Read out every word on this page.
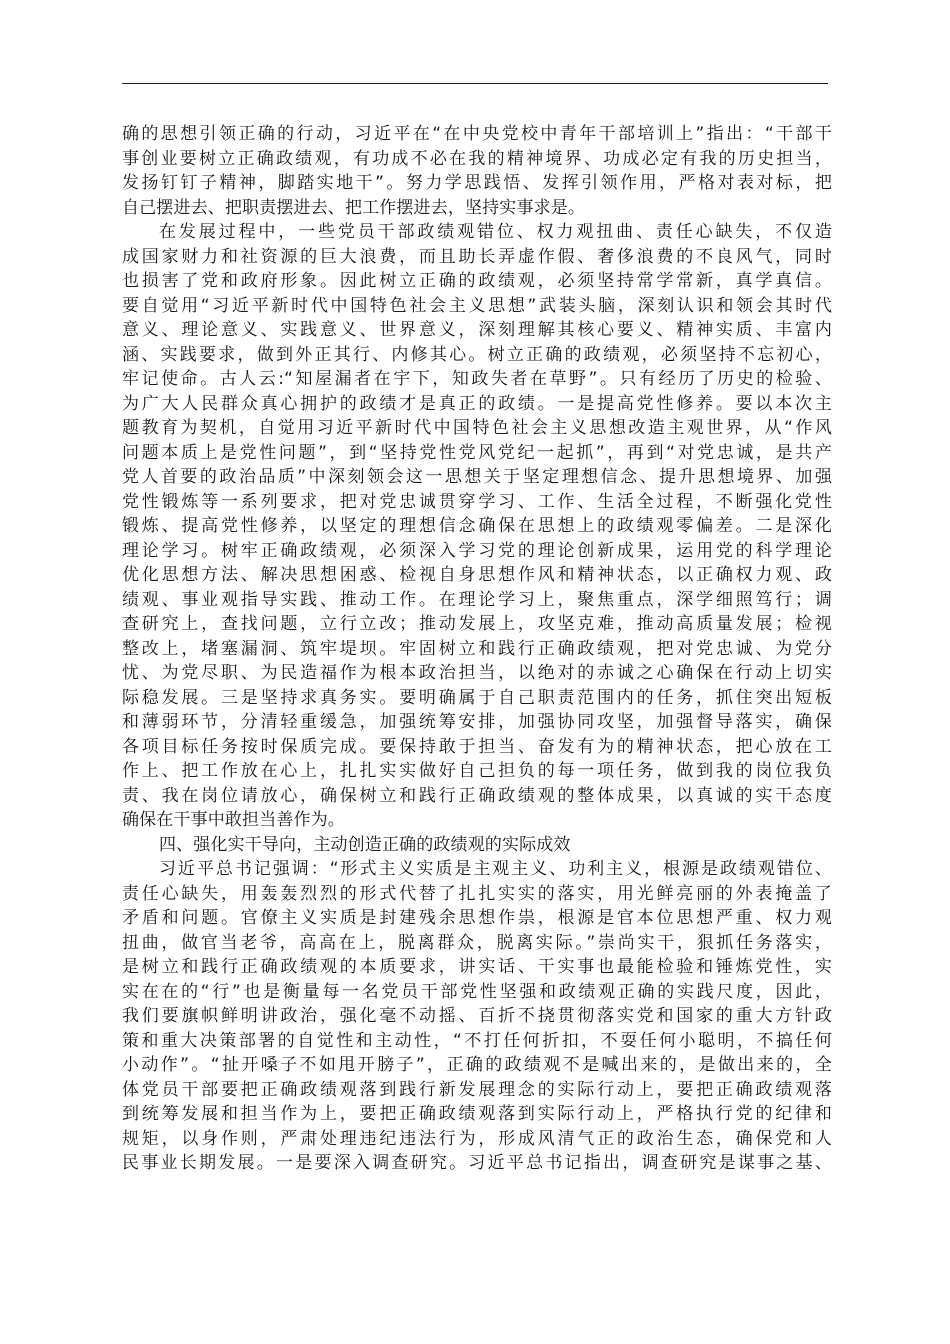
确的思想引领正确的行动，习近平在“在中央党校中青年干部培训上”指出：“干部干
事创业要树立正确政绩观，有功成不必在我的精神境界、功成必定有我的历史担当，
发扬钉钉子精神，脚踏实地干”。努力学思践悟、发挥引领作用，严格对表对标，把
自己摆进去、把职责摆进去、把工作摆进去，坚持实事求是。
在发展过程中，一些党员干部政绩观错位、权力观扭曲、责任心缺失，不仅造
成国家财力和社资源的巨大浪费，而且助长弄虚作假、奢侈浪费的不良风气，同时
也损害了党和政府形象。因此树立正确的政绩观，必须坚持常学常新，真学真信。
要自觉用“习近平新时代中国特色社会主义思想”武装头脑，深刻认识和领会其时代
意义、理论意义、实践意义、世界意义，深刻理解其核心要义、精神实质、丰富内
涵、实践要求，做到外正其行、内修其心。树立正确的政绩观，必须坚持不忘初心，
牢记使命。古人云:“知屋漏者在宇下，知政失者在草野”。只有经历了历史的检验、
为广大人民群众真心拥护的政绩才是真正的政绩。一是提高党性修养。要以本次主
题教育为契机，自觉用习近平新时代中国特色社会主义思想改造主观世界，从“作风
问题本质上是党性问题”，到“坚持党性党风党纪一起抓”，再到“对党忠诚，是共产
党人首要的政治品质”中深刻领会这一思想关于坚定理想信念、提升思想境界、加强
党性锻炼等一系列要求，把对党忠诚贯穿学习、工作、生活全过程，不断强化党性
锻炼、提高党性修养，以坚定的理想信念确保在思想上的政绩观零偏差。二是深化
理论学习。树牢正确政绩观，必须深入学习党的理论创新成果，运用党的科学理论
优化思想方法、解决思想困惑、检视自身思想作风和精神状态，以正确权力观、政
绩观、事业观指导实践、推动工作。在理论学习上，聚焦重点，深学细照笃行；调
查研究上，查找问题，立行立改；推动发展上，攻坚克难，推动高质量发展；检视
整改上，堵塞漏洞、筑牢堤坝。牢固树立和践行正确政绩观，把对党忠诚、为党分
忧、为党尽职、为民造福作为根本政治担当，以绝对的赤诚之心确保在行动上切实
际稳发展。三是坚持求真务实。要明确属于自己职责范围内的任务，抓住突出短板
和薄弱环节，分清轻重缓急，加强统筹安排，加强协同攻坚，加强督导落实，确保
各项目标任务按时保质完成。要保持敢于担当、奋发有为的精神状态，把心放在工
作上、把工作放在心上，扎扎实实做好自己担负的每一项任务，做到我的岗位我负
责、我在岗位请放心，确保树立和践行正确政绩观的整体成果，以真诚的实干态度
确保在干事中敢担当善作为。
四、强化实干导向，主动创造正确的政绩观的实际成效
习近平总书记强调：“形式主义实质是主观主义、功利主义，根源是政绩观错位、
责任心缺失，用轰轰烈烈的形式代替了扎扎实实的落实，用光鲜亮丽的外表掩盖了
矛盾和问题。官僚主义实质是封建残余思想作祟，根源是官本位思想严重、权力观
扭曲，做官当老爷，高高在上，脱离群众，脱离实际。”崇尚实干，狠抓任务落实，
是树立和践行正确政绩观的本质要求，讲实话、干实事也最能检验和锤炼党性，实
实在在的“行”也是衡量每一名党员干部党性坚强和政绩观正确的实践尺度，因此，
我们要旗帜鲜明讲政治，强化毫不动摇、百折不挠贯彻落实党和国家的重大方针政
策和重大决策部署的自觉性和主动性，“不打任何折扣，不耍任何小聪明，不搞任何
小动作”。“扯开嗓子不如甩开膀子”，正确的政绩观不是喊出来的，是做出来的，全
体党员干部要把正确政绩观落到践行新发展理念的实际行动上，要把正确政绩观落
到统筹发展和担当作为上，要把正确政绩观落到实际行动上，严格执行党的纪律和
规矩，以身作则，严肃处理违纪违法行为，形成风清气正的政治生态，确保党和人
民事业长期发展。一是要深入调查研究。习近平总书记指出，调查研究是谋事之基、
